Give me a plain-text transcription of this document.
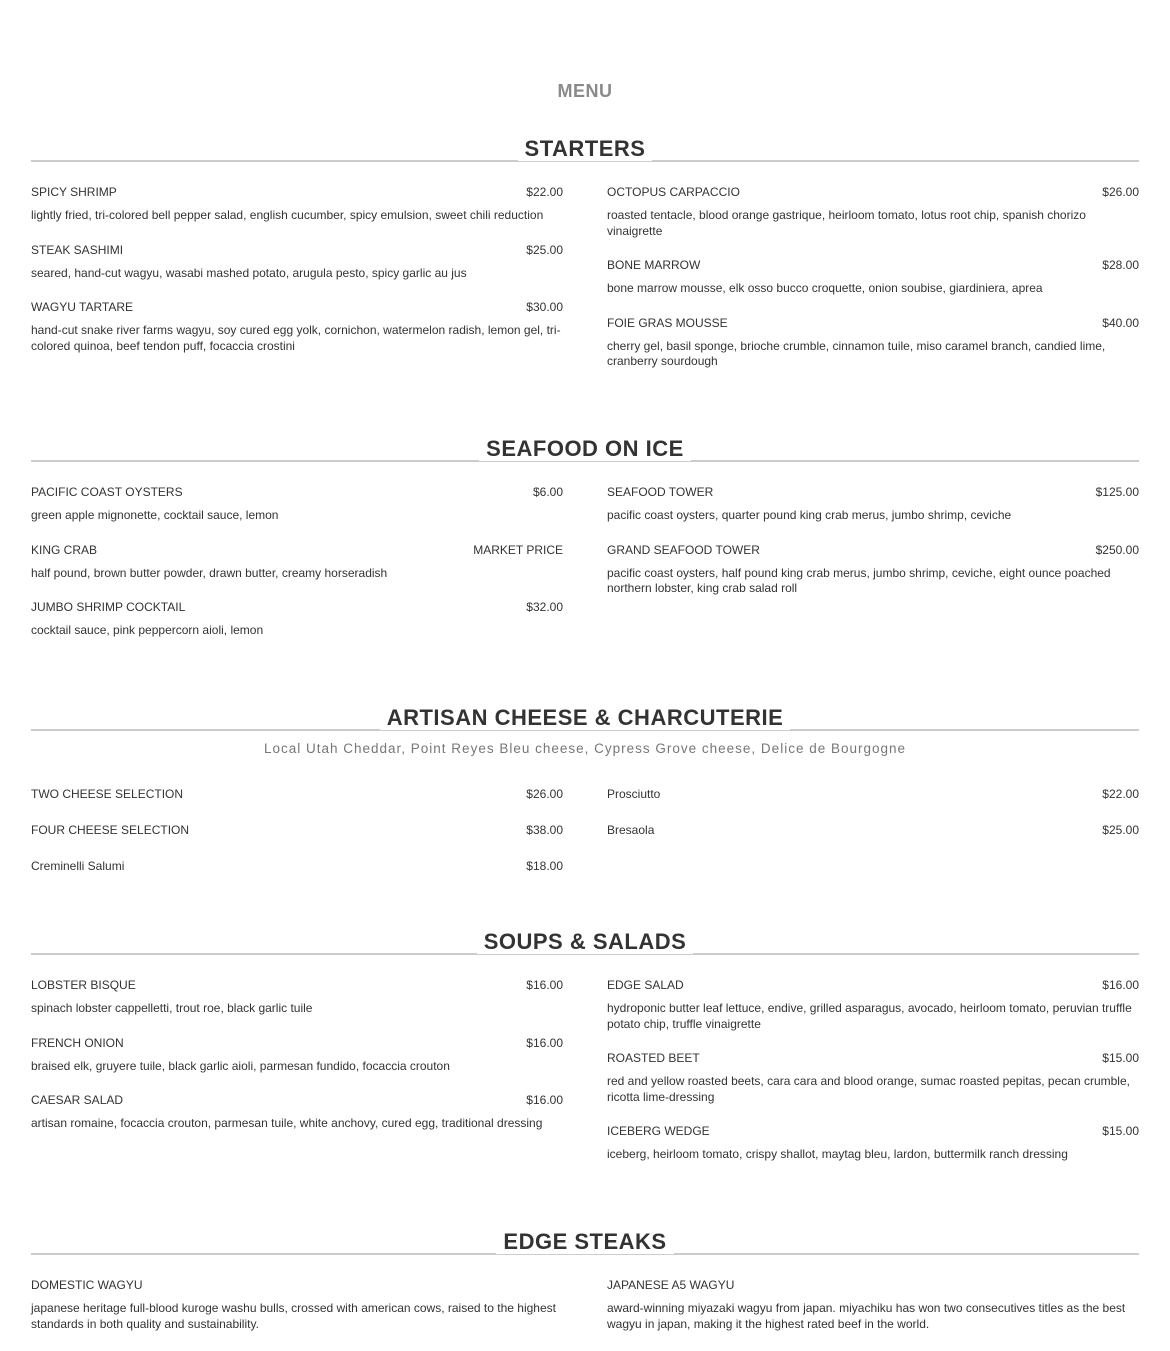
MENU
STARTERS
SPICY SHRIMP	$22.00
lightly fried, tri-colored bell pepper salad, english cucumber, spicy emulsion, sweet chili reduction
STEAK SASHIMI	$25.00
seared, hand-cut wagyu, wasabi mashed potato, arugula pesto, spicy garlic au jus
WAGYU TARTARE	$30.00
hand-cut snake river farms wagyu, soy cured egg yolk, cornichon, watermelon radish, lemon gel, tri-colored quinoa, beef tendon puff, focaccia crostini
OCTOPUS CARPACCIO	$26.00
roasted tentacle, blood orange gastrique, heirloom tomato, lotus root chip, spanish chorizo vinaigrette
BONE MARROW	$28.00
bone marrow mousse, elk osso bucco croquette, onion soubise, giardiniera, aprea
FOIE GRAS MOUSSE	$40.00
cherry gel, basil sponge, brioche crumble, cinnamon tuile, miso caramel branch, candied lime, cranberry sourdough
SEAFOOD ON ICE
PACIFIC COAST OYSTERS	$6.00
green apple mignonette, cocktail sauce, lemon
KING CRAB	MARKET PRICE
half pound, brown butter powder, drawn butter, creamy horseradish
JUMBO SHRIMP COCKTAIL	$32.00
cocktail sauce, pink peppercorn aioli, lemon
SEAFOOD TOWER	$125.00
pacific coast oysters, quarter pound king crab merus, jumbo shrimp, ceviche
GRAND SEAFOOD TOWER	$250.00
pacific coast oysters, half pound king crab merus, jumbo shrimp, ceviche, eight ounce poached northern lobster, king crab salad roll
ARTISAN CHEESE & CHARCUTERIE
Local Utah Cheddar, Point Reyes Bleu cheese, Cypress Grove cheese, Delice de Bourgogne
TWO CHEESE SELECTION	$26.00
FOUR CHEESE SELECTION	$38.00
Creminelli Salumi	$18.00
Prosciutto	$22.00
Bresaola	$25.00
SOUPS & SALADS
LOBSTER BISQUE	$16.00
spinach lobster cappelletti, trout roe, black garlic tuile
FRENCH ONION	$16.00
braised elk, gruyere tuile, black garlic aioli, parmesan fundido, focaccia crouton
CAESAR SALAD	$16.00
artisan romaine, focaccia crouton, parmesan tuile, white anchovy, cured egg, traditional dressing
EDGE SALAD	$16.00
hydroponic butter leaf lettuce, endive, grilled asparagus, avocado, heirloom tomato, peruvian truffle potato chip, truffle vinaigrette
ROASTED BEET	$15.00
red and yellow roasted beets, cara cara and blood orange, sumac roasted pepitas, pecan crumble, ricotta lime-dressing
ICEBERG WEDGE	$15.00
iceberg, heirloom tomato, crispy shallot, maytag bleu, lardon, buttermilk ranch dressing
EDGE STEAKS
DOMESTIC WAGYU
japanese heritage full-blood kuroge washu bulls, crossed with american cows, raised to the highest standards in both quality and sustainability.
JAPANESE A5 WAGYU
award-winning miyazaki wagyu from japan. miyachiku has won two consecutives titles as the best wagyu in japan, making it the highest rated beef in the world.
